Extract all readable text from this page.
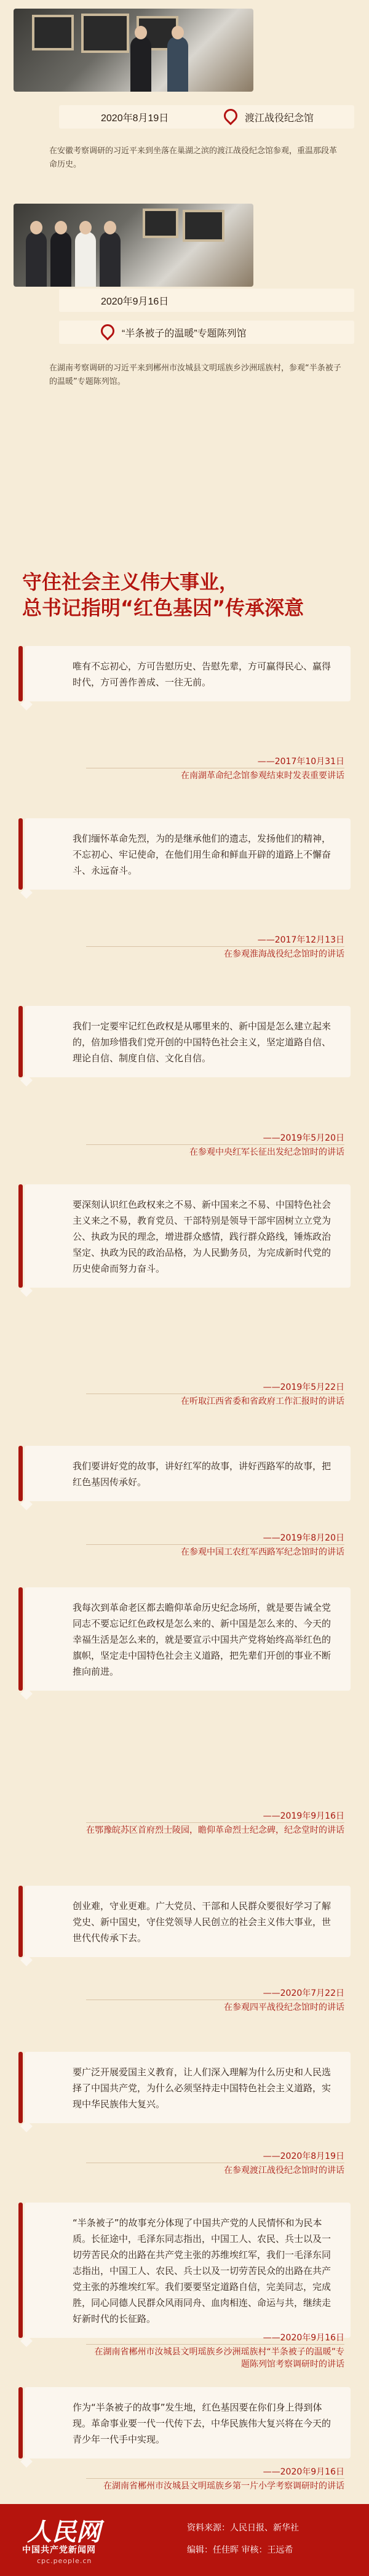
2020年8月19日	渡江战役纪念馆
在安徽考察调研的习近平来到坐落在巢湖之滨的渡江战役纪念馆参观，重温那段革命历史。
2020年9月16日
“半条被子的温暖”专题陈列馆
在湖南考察调研的习近平来到郴州市汝城县文明瑶族乡沙洲瑶族村，参观“半条被子的温暖”专题陈列馆。
守住社会主义伟大事业，
总书记指明“红色基因”传承深意
唯有不忘初心，方可告慰历史、告慰先辈，方可赢得民心、赢得时代，方可善作善成、一往无前。
——2017年10月31日
在南湖革命纪念馆参观结束时发表重要讲话
我们缅怀革命先烈，为的是继承他们的遗志，发扬他们的精神，不忘初心、牢记使命，在他们用生命和鲜血开辟的道路上不懈奋斗、永远奋斗。
——2017年12月13日
在参观淮海战役纪念馆时的讲话
我们一定要牢记红色政权是从哪里来的、新中国是怎么建立起来的，倍加珍惜我们党开创的中国特色社会主义，坚定道路自信、理论自信、制度自信、文化自信。
——2019年5月20日
在参观中央红军长征出发纪念馆时的讲话
要深刻认识红色政权来之不易、新中国来之不易、中国特色社会主义来之不易，教育党员、干部特别是领导干部牢固树立立党为公、执政为民的理念，增进群众感情，践行群众路线，锤炼政治坚定、执政为民的政治品格，为人民勤务员，为完成新时代党的历史使命而努力奋斗。
——2019年5月22日
在听取江西省委和省政府工作汇报时的讲话
我们要讲好党的故事，讲好红军的故事，讲好西路军的故事，把红色基因传承好。
——2019年8月20日
在参观中国工农红军西路军纪念馆时的讲话
我每次到革命老区都去瞻仰革命历史纪念场所，就是要告诫全党同志不要忘记红色政权是怎么来的、新中国是怎么来的、今天的幸福生活是怎么来的，就是要宣示中国共产党将始终高举红色的旗帜，坚定走中国特色社会主义道路，把先辈们开创的事业不断推向前进。
——2019年9月16日
在鄂豫皖苏区首府烈士陵园，瞻仰革命烈士纪念碑，纪念堂时的讲话
创业难，守业更难。广大党员、干部和人民群众要很好学习了解党史、新中国史，守住党领导人民创立的社会主义伟大事业，世世代代传承下去。
——2020年7月22日
在参观四平战役纪念馆时的讲话
要广泛开展爱国主义教育，让人们深入理解为什么历史和人民选择了中国共产党，为什么必须坚持走中国特色社会主义道路，实现中华民族伟大复兴。
——2020年8月19日
在参观渡江战役纪念馆时的讲话
“半条被子”的故事充分体现了中国共产党的人民情怀和为民本质。长征途中，毛泽东同志指出，中国工人、农民、兵士以及一切劳苦民众的出路在共产党主张的苏维埃红军，我们一毛泽东同志指出，中国工人、农民、兵士以及一切劳苦民众的出路在共产党主张的苏维埃红军。我们要要坚定道路自信，完美同志，完成胜，同心同德人民群众风雨同舟、血肉相连、命运与共，继续走好新时代的长征路。
——2020年9月16日
在湖南省郴州市汝城县文明瑶族乡沙洲瑶族村“半条被子的温暖”专题陈列馆考察调研时的讲话
作为“半条被子的故事”发生地，红色基因要在你们身上得到体现。革命事业要一代一代传下去，中华民族伟大复兴将在今天的青少年一代手中实现。
——2020年9月16日
在湖南省郴州市汝城县文明瑶族乡第一片小学考察调研时的讲话
人民网
中国共产党新闻网
cpc.people.cn
资料来源：人民日报、新华社
编辑：任佳晖 审核：王远希
